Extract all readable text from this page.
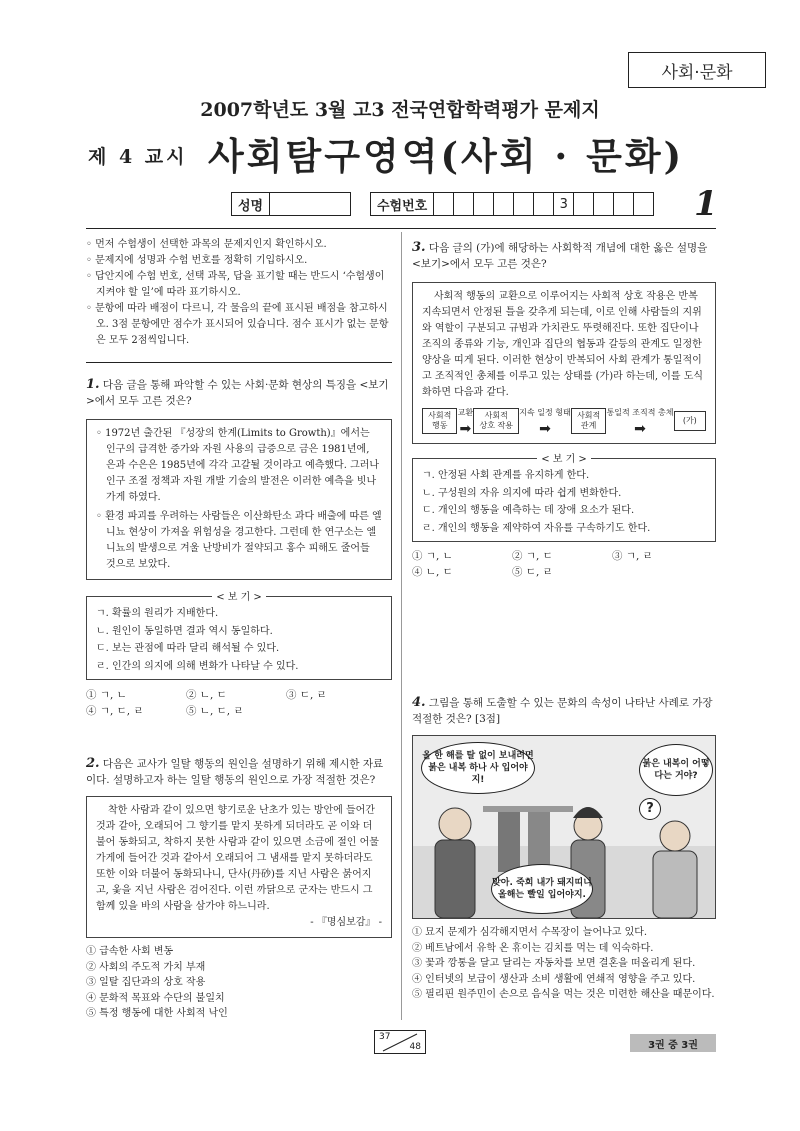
사회·문화
2007학년도 3월 고3 전국연합학력평가 문제지
제 4 교시 사회탐구영역(사회 · 문화)
성명	수험번호	3	1
◦ 먼저 수험생이 선택한 과목의 문제지인지 확인하시오.
◦ 문제지에 성명과 수험 번호를 정확히 기입하시오.
◦ 답안지에 수험 번호, 선택 과목, 답을 표기할 때는 반드시 ‘수험생이 지켜야 할 일’에 따라 표기하시오.
◦ 문항에 따라 배점이 다르니, 각 물음의 끝에 표시된 배점을 참고하시오. 3점 문항에만 점수가 표시되어 있습니다. 점수 표시가 없는 문항은 모두 2점씩입니다.
1. 다음 글을 통해 파악할 수 있는 사회·문화 현상의 특징을 <보기>에서 모두 고른 것은?
◦ 1972년 출간된 『성장의 한계(Limits to Growth)』에서는 인구의 급격한 증가와 자원 사용의 급증으로 금은 1981년에, 은과 수은은 1985년에 각각 고갈될 것이라고 예측했다. 그러나 인구 조절 정책과 자원 개발 기술의 발전은 이러한 예측을 빗나가게 하였다.
◦ 환경 파괴를 우려하는 사람들은 이산화탄소 과다 배출에 따른 엘니뇨 현상이 가져올 위험성을 경고한다. 그런데 한 연구소는 엘니뇨의 발생으로 겨울 난방비가 절약되고 홍수 피해도 줄어들 것으로 보았다.
< 보 기 >
ㄱ. 확률의 원리가 지배한다.
ㄴ. 원인이 동일하면 결과 역시 동일하다.
ㄷ. 보는 관점에 따라 달리 해석될 수 있다.
ㄹ. 인간의 의지에 의해 변화가 나타날 수 있다.
① ㄱ, ㄴ	② ㄴ, ㄷ	③ ㄷ, ㄹ
④ ㄱ, ㄷ, ㄹ	⑤ ㄴ, ㄷ, ㄹ
2. 다음은 교사가 일탈 행동의 원인을 설명하기 위해 제시한 자료이다. 설명하고자 하는 일탈 행동의 원인으로 가장 적절한 것은?
착한 사람과 같이 있으면 향기로운 난초가 있는 방안에 들어간 것과 같아, 오래되어 그 향기를 맡지 못하게 되더라도 곧 이와 더불어 동화되고, 착하지 못한 사람과 같이 있으면 소금에 절인 어물 가게에 들어간 것과 같아서 오래되어 그 냄새를 맡지 못하더라도 또한 이와 더불어 동화되나니, 단사(丹砂)를 지닌 사람은 붉어지고, 옻을 지닌 사람은 검어진다. 이런 까닭으로 군자는 반드시 그 함께 있을 바의 사람을 삼가야 하느니라.
- 『명심보감』 -
① 급속한 사회 변동
② 사회의 주도적 가치 부재
③ 일탈 집단과의 상호 작용
④ 문화적 목표와 수단의 불일치
⑤ 특정 행동에 대한 사회적 낙인
3. 다음 글의 (가)에 해당하는 사회학적 개념에 대한 옳은 설명을 <보기>에서 모두 고른 것은?
사회적 행동의 교환으로 이루어지는 사회적 상호 작용은 반복 지속되면서 안정된 틀을 갖추게 되는데, 이로 인해 사람들의 지위와 역할이 구분되고 규범과 가치관도 뚜렷해진다. 또한 집단이나 조직의 종류와 기능, 개인과 집단의 협동과 갈등의 관계도 일정한 양상을 띠게 된다. 이러한 현상이 반복되어 사회 관계가 통일적이고 조직적인 총체를 이루고 있는 상태를 (가)라 하는데, 이를 도식화하면 다음과 같다.
사회적
행동
교환
➡
사회적
상호 작용
지속 일정 형태
➡
사회적
관계
통일적 조직적 총체
➡
(가)
< 보 기 >
ㄱ. 안정된 사회 관계를 유지하게 한다.
ㄴ. 구성원의 자유 의지에 따라 쉽게 변화한다.
ㄷ. 개인의 행동을 예측하는 데 장애 요소가 된다.
ㄹ. 개인의 행동을 제약하여 자유를 구속하기도 한다.
① ㄱ, ㄴ	② ㄱ, ㄷ	③ ㄱ, ㄹ
④ ㄴ, ㄷ	⑤ ㄷ, ㄹ
4. 그림을 통해 도출할 수 있는 문화의 속성이 나타난 사례로 가장 적절한 것은? [3점]
올 한 해를 탈 없이 보내려면 붉은 내복 하나 사 입어야지!
붉은 내복이 어떻다는 거야?
맞아. 죽희 내가 돼지띠니 올해는 빨일 입어야지.
?
① 묘지 문제가 심각해지면서 수목장이 늘어나고 있다.
② 베트남에서 유학 온 휴이는 김치를 먹는 데 익숙하다.
③ 꽃과 깡통을 달고 달리는 자동차를 보면 결혼을 떠올리게 된다.
④ 인터넷의 보급이 생산과 소비 생활에 연쇄적 영향을 주고 있다.
⑤ 필리핀 원주민이 손으로 음식을 먹는 것은 미련한 해산을 때문이다.
37
48	3권 중 3권
